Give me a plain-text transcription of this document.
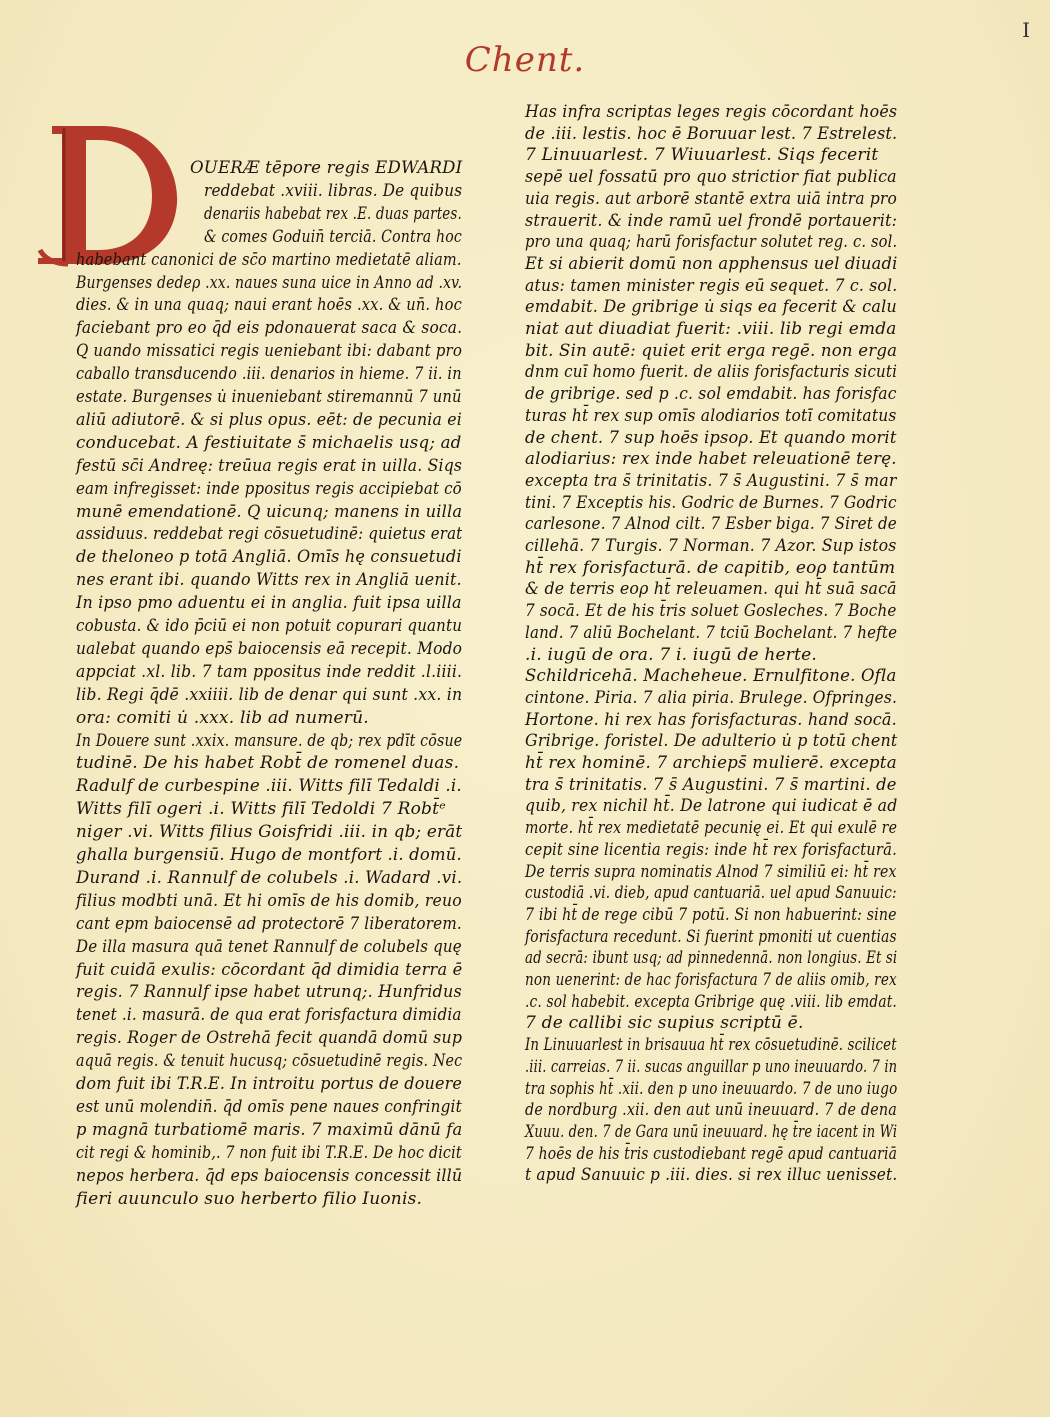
I
Chent.
OUERÆ tēpore regis EDWARDI
reddebat .xviii. libras. De quibus
denariis habebat rex .E. duas partes.
& comes Goduin̄ terciā. Contra hoc
habebant canonici de sc̄o martino medietatē aliam.
Burgenses dedeρ .xx. naues suna uice in Anno ad .xv.
dies. & in una quaq; naui erant hoēs .xx. & un̄. hoc
faciebant pro eo q̄d eis pdonauerat saca & soca.
Q uando missatici regis ueniebant ibi: dabant pro
caballo transducendo .iii. denarios in hieme. 7 ii. in
estate. Burgenses u̇ inueniebant stiremannū 7 unū
aliū adiutorē. & si plus opus. eēt: de pecunia ei
conducebat. A festiuitate s̄ michaelis usq; ad
festū sc̄i Andreę: treūua regis erat in uilla. Siqs
eam infregisset: inde ppositus regis accipiebat cō
munē emendationē. Q uicunq; manens in uilla
assiduus. reddebat regi cōsuetudinē: quietus erat
de theloneo p totā Angliā. Omīs hę consuetudi
nes erant ibi. quando Witts rex in Angliā uenit.
In ipso pmo aduentu ei in anglia. fuit ipsa uilla
cobusta. & ido p̄ciū ei non potuit copurari quantu
ualebat quando eps̄ baiocensis eā recepit. Modo
appciat .xl. lib. 7 tam ppositus inde reddit .l.iiii.
lib. Regi q̄dē .xxiiii. lib de denar qui sunt .xx. in
ora: comiti u̇ .xxx. lib ad numerū.
In Douere sunt .xxix. mansure. de qb; rex pdīt cōsue
tudinē. De his habet Robt̄ de romenel duas.
Radulf de curbespine .iii. Witts filī Tedaldi .i.
Witts filī ogeri .i. Witts filī Tedoldi 7 Robt̄ᵉ
niger .vi. Witts filius Goisfridi .iii. in qb; erāt
ghalla burgensiū. Hugo de montfort .i. domū.
Durand .i. Rannulf de colubels .i. Wadard .vi.
filius modbti unā. Et hi omīs de his domib, reuo
cant epm baiocensē ad protectorē 7 liberatorem.
De illa masura quā tenet Rannulf de colubels quę
fuit cuidā exulis: cōcordant q̄d dimidia terra ē
regis. 7 Rannulf ipse habet utrunq;. Hunfridus
tenet .i. masurā. de qua erat forisfactura dimidia
regis. Roger de Ostrehā fecit quandā domū sup
aquā regis. & tenuit hucusq; cōsuetudinē regis. Nec
dom fuit ibi T.R.E. In introitu portus de douere
est unū molendin̄. q̄d omīs pene naues confringit
p magnā turbatiomē maris. 7 maximū dānū fa
cit regi & hominib,. 7 non fuit ibi T.R.E. De hoc dicit
nepos herbera. q̄d eps baiocensis concessit illū
fieri auunculo suo herberto filio Iuonis.
Has infra scriptas leges regis cōcordant hoēs
de .iii. lestis. hoc ē Boruuar lest. 7 Estrelest.
7 Linuuarlest. 7 Wiuuarlest. Siqs fecerit
sepē uel fossatū pro quo strictior fiat publica
uia regis. aut arborē stantē extra uiā intra pro
strauerit. & inde ramū uel frondē portauerit:
pro una quaq; harū forisfactur solutet reg. c. sol.
Et si abierit domū non apphensus uel diuadi
atus: tamen minister regis eū sequet. 7 c. sol.
emdabit. De gribrige u̇ siqs ea fecerit & calu
niat aut diuadiat fuerit: .viii. lib regi emda
bit. Sin autē: quiet erit erga regē. non erga
dnm cuī homo fuerit. de aliis forisfacturis sicuti
de gribrige. sed p .c. sol emdabit. has forisfac
turas ht̄ rex sup omīs alodiarios totī comitatus
de chent. 7 sup hoēs ipsoρ. Et quando morit
alodiarius: rex inde habet releuationē terę.
excepta tra s̄ trinitatis. 7 s̄ Augustini. 7 s̄ mar
tini. 7 Exceptis his. Godric de Burnes. 7 Godric
carlesone. 7 Alnod cilt. 7 Esber biga. 7 Siret de
cillehā. 7 Turgis. 7 Norman. 7 Azor. Sup istos
ht̄ rex forisfacturā. de capitib, eoρ tantūm
& de terris eoρ ht̄ releuamen. qui ht̄ suā sacā
7 socā. Et de his t̄ris soluet Gosleches. 7 Boche
land. 7 aliū Bochelant. 7 tciū Bochelant. 7 hefte
.i. iugū de ora. 7 i. iugū de herte.
Schildricehā. Macheheue. Ernulfitone. Ofla
cintone. Piria. 7 alia piria. Brulege. Ofpringes.
Hortone. hi rex has forisfacturas. hand socā.
Gribrige. foristel. De adulterio u̇ p totū chent
ht̄ rex hominē. 7 archieps̄ mulierē. excepta
tra s̄ trinitatis. 7 s̄ Augustini. 7 s̄ martini. de
quib, rex nichil ht̄. De latrone qui iudicat ē ad
morte. ht̄ rex medietatē pecunię ei. Et qui exulē re
cepit sine licentia regis: inde ht̄ rex forisfacturā.
De terris supra nominatis Alnod 7 similiū ei: ht̄ rex
custodiā .vi. dieb, apud cantuariā. uel apud Sanuuic:
7 ibi ht̄ de rege cibū 7 potū. Si non habuerint: sine
forisfactura recedunt. Si fuerint pmoniti ut cuentias
ad secrā: ibunt usq; ad pinnedennā. non longius. Et si
non uenerint: de hac forisfactura 7 de aliis omib, rex
.c. sol habebit. excepta Gribrige quę .viii. lib emdat.
7 de callibi sic supius scriptū ē.
In Linuuarlest in brisauua ht̄ rex cōsuetudinē. scilicet
.iii. carreias. 7 ii. sucas anguillar p uno ineuuardo. 7 in
tra sophis ht̄ .xii. den p uno ineuuardo. 7 de uno iugo
de nordburg .xii. den aut unū ineuuard. 7 de dena
Xuuu. den. 7 de Gara unū ineuuard. hę t̄re iacent in Wi
7 hoēs de his t̄ris custodiebant regē apud cantuariā
t apud Sanuuic p .iii. dies. si rex illuc uenisset.
